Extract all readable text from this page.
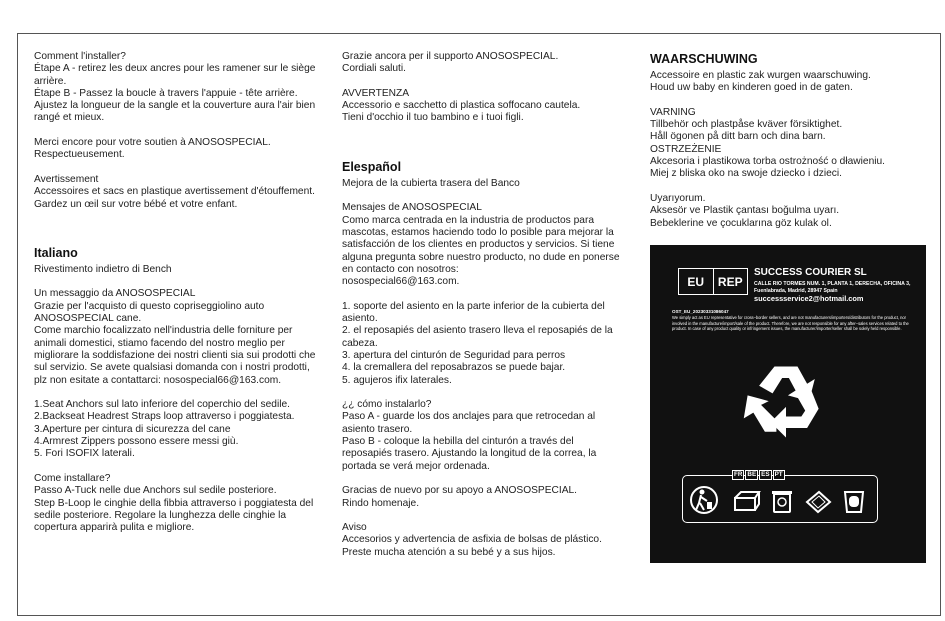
Comment l'installer?
Étape A - retirez les deux ancres pour les ramener sur le siège arrière.
Étape B - Passez la boucle à travers l'appuie - tête arrière. Ajustez la longueur de la sangle et la couverture aura l'air bien rangé et mieux.
Merci encore pour votre soutien à ANOSOSPECIAL.
Respectueusement.
Avertissement
Accessoires et sacs en plastique avertissement d'étouffement.
Gardez un œil sur votre bébé et votre enfant.
Italiano
Rivestimento indietro di Bench
Un messaggio da ANOSOSPECIAL
Grazie per l'acquisto di questo copriseggiolino auto ANOSOSPECIAL cane.
Come marchio focalizzato nell'industria delle forniture per animali domestici, stiamo facendo del nostro meglio per migliorare la soddisfazione dei nostri clienti sia sui prodotti che sul servizio. Se avete qualsiasi domanda con i nostri prodotti, plz non esitate a contattarci: nosospecial66@163.com.
1.Seat Anchors sul lato inferiore del coperchio del sedile.
2.Backseat Headrest Straps loop attraverso i poggiatesta.
3.Aperture per cintura di sicurezza del cane
4.Armrest Zippers possono essere messi giù.
5. Fori ISOFIX laterali.
Come installare?
Passo A-Tuck nelle due Anchors sul sedile posteriore.
Step B-Loop le cinghie della fibbia attraverso i poggiatesta del sedile posteriore. Regolare la lunghezza delle cinghie la copertura apparirà pulita e migliore.
Grazie ancora per il supporto ANOSOSPECIAL.
Cordiali saluti.
AVVERTENZA
Accessorio e sacchetto di plastica soffocano cautela.
Tieni d'occhio il tuo bambino e i tuoi figli.
Elespañol
Mejora de la cubierta trasera del Banco
Mensajes de ANOSOSPECIAL
Como marca centrada en la industria de productos para mascotas, estamos haciendo todo lo posible para mejorar la satisfacción de los clientes en productos y servicios. Si tiene alguna pregunta sobre nuestro producto, no dude en ponerse en contacto con nosotros:
nosospecial66@163.com.
1. soporte del asiento en la parte inferior de la cubierta del asiento.
2. el reposapiés del asiento trasero lleva el reposapiés de la cabeza.
3. apertura del cinturón de Seguridad para perros
4. la cremallera del reposabrazos se puede bajar.
5. agujeros ifix laterales.
¿¿ cómo instalarlo?
Paso A - guarde los dos anclajes para que retrocedan al asiento trasero.
Paso B - coloque la hebilla del cinturón a través del reposapiés trasero. Ajustando la longitud de la correa, la portada se verá mejor ordenada.
Gracias de nuevo por su apoyo a ANOSOSPECIAL.
Rindo homenaje.
Aviso
Accesorios y advertencia de asfixia de bolsas de plástico.
Preste mucha atención a su bebé y a sus hijos.
WAARSCHUWING
Accessoire en plastic zak wurgen waarschuwing.
Houd uw baby en kinderen goed in de gaten.
VARNING
Tillbehör och plastpåse kväver försiktighet.
Håll ögonen på ditt barn och dina barn.
OSTRZEŻENIE
Akcesoria i plastikowa torba ostrożność o dławieniu.
Miej z bliska oko na swoje dziecko i dzieci.
Uyarıyorum.
Aksesör ve Plastik çantası boğulma uyarı.
Bebeklerine ve çocuklarına göz kulak ol.
EU	REP
SUCCESS COURIER SL
CALLE RIO TORMES NUM. 1, PLANTA 1, DERECHA, OFICINA 3, Fuenlabrada, Madrid, 28947 Spain
successservice2@hotmail.com
OST_EU_20230331086047
We simply act as EU representative for cross–border sellers, and are not manufacturers/importers/distributors for the product, nor involved in the manufacture/import/sale of the product. Therefore, we are not responsible for any after–sales services related to the product. In case of any product quality or infringement issues, the manufacturer/importer/seller shall be solely held responsible.
FR BE ES PT
